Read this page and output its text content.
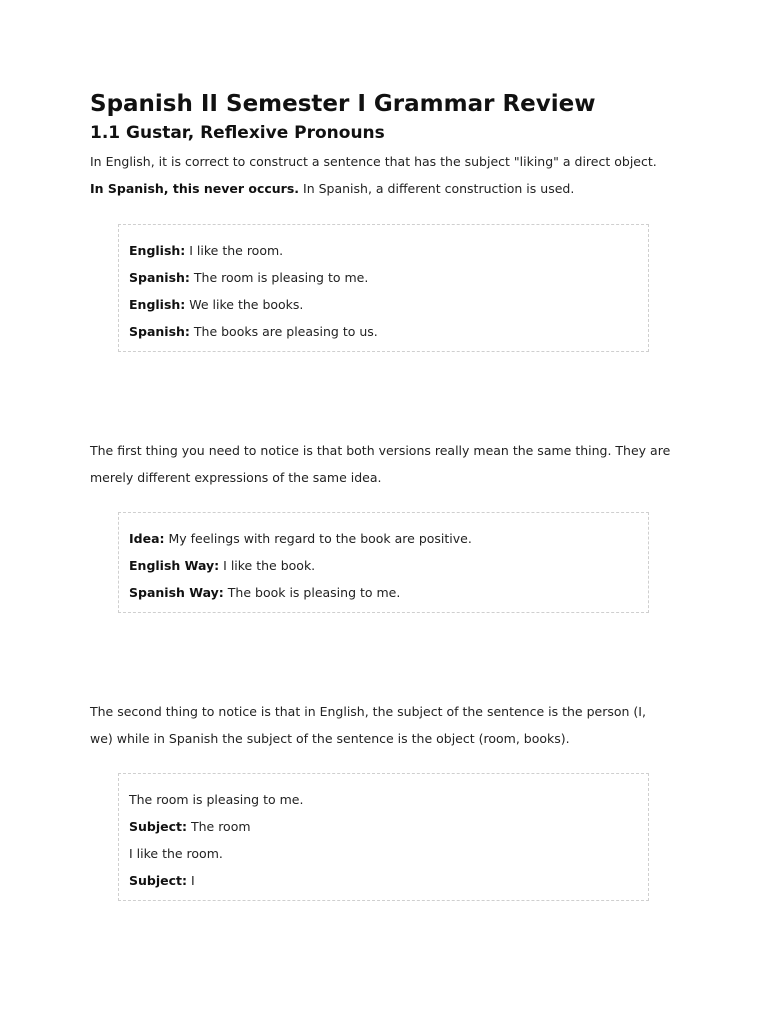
Spanish II Semester I Grammar Review
1.1 Gustar, Reflexive Pronouns
In English, it is correct to construct a sentence that has the subject "liking" a direct object.
In Spanish, this never occurs. In Spanish, a different construction is used.
English: I like the room.
Spanish: The room is pleasing to me.
English: We like the books.
Spanish: The books are pleasing to us.
The first thing you need to notice is that both versions really mean the same thing. They are
merely different expressions of the same idea.
Idea: My feelings with regard to the book are positive.
English Way: I like the book.
Spanish Way: The book is pleasing to me.
The second thing to notice is that in English, the subject of the sentence is the person (I,
we) while in Spanish the subject of the sentence is the object (room, books).
The room is pleasing to me.
Subject: The room
I like the room.
Subject: I
